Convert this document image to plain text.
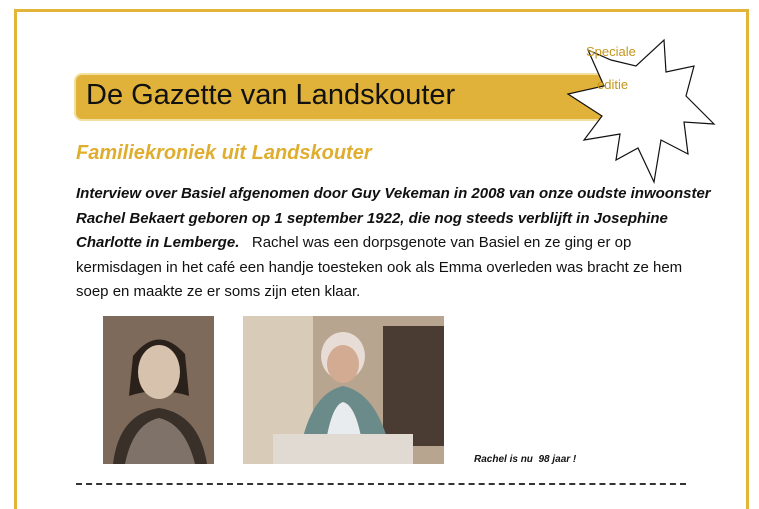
De Gazette van Landskouter
Speciale
editie
Familiekroniek uit Landskouter
Interview over Basiel afgenomen door Guy Vekeman in 2008 van onze oudste inwoonster Rachel Bekaert geboren op 1 september 1922, die nog steeds verblijft in Josephine Charlotte in Lemberge. Rachel was een dorpsgenote van Basiel en ze ging er op kermisdagen in het café een handje toesteken ook als Emma overleden was bracht ze hem soep en maakte ze er soms zijn eten klaar.
Rachel is nu  98 jaar !
